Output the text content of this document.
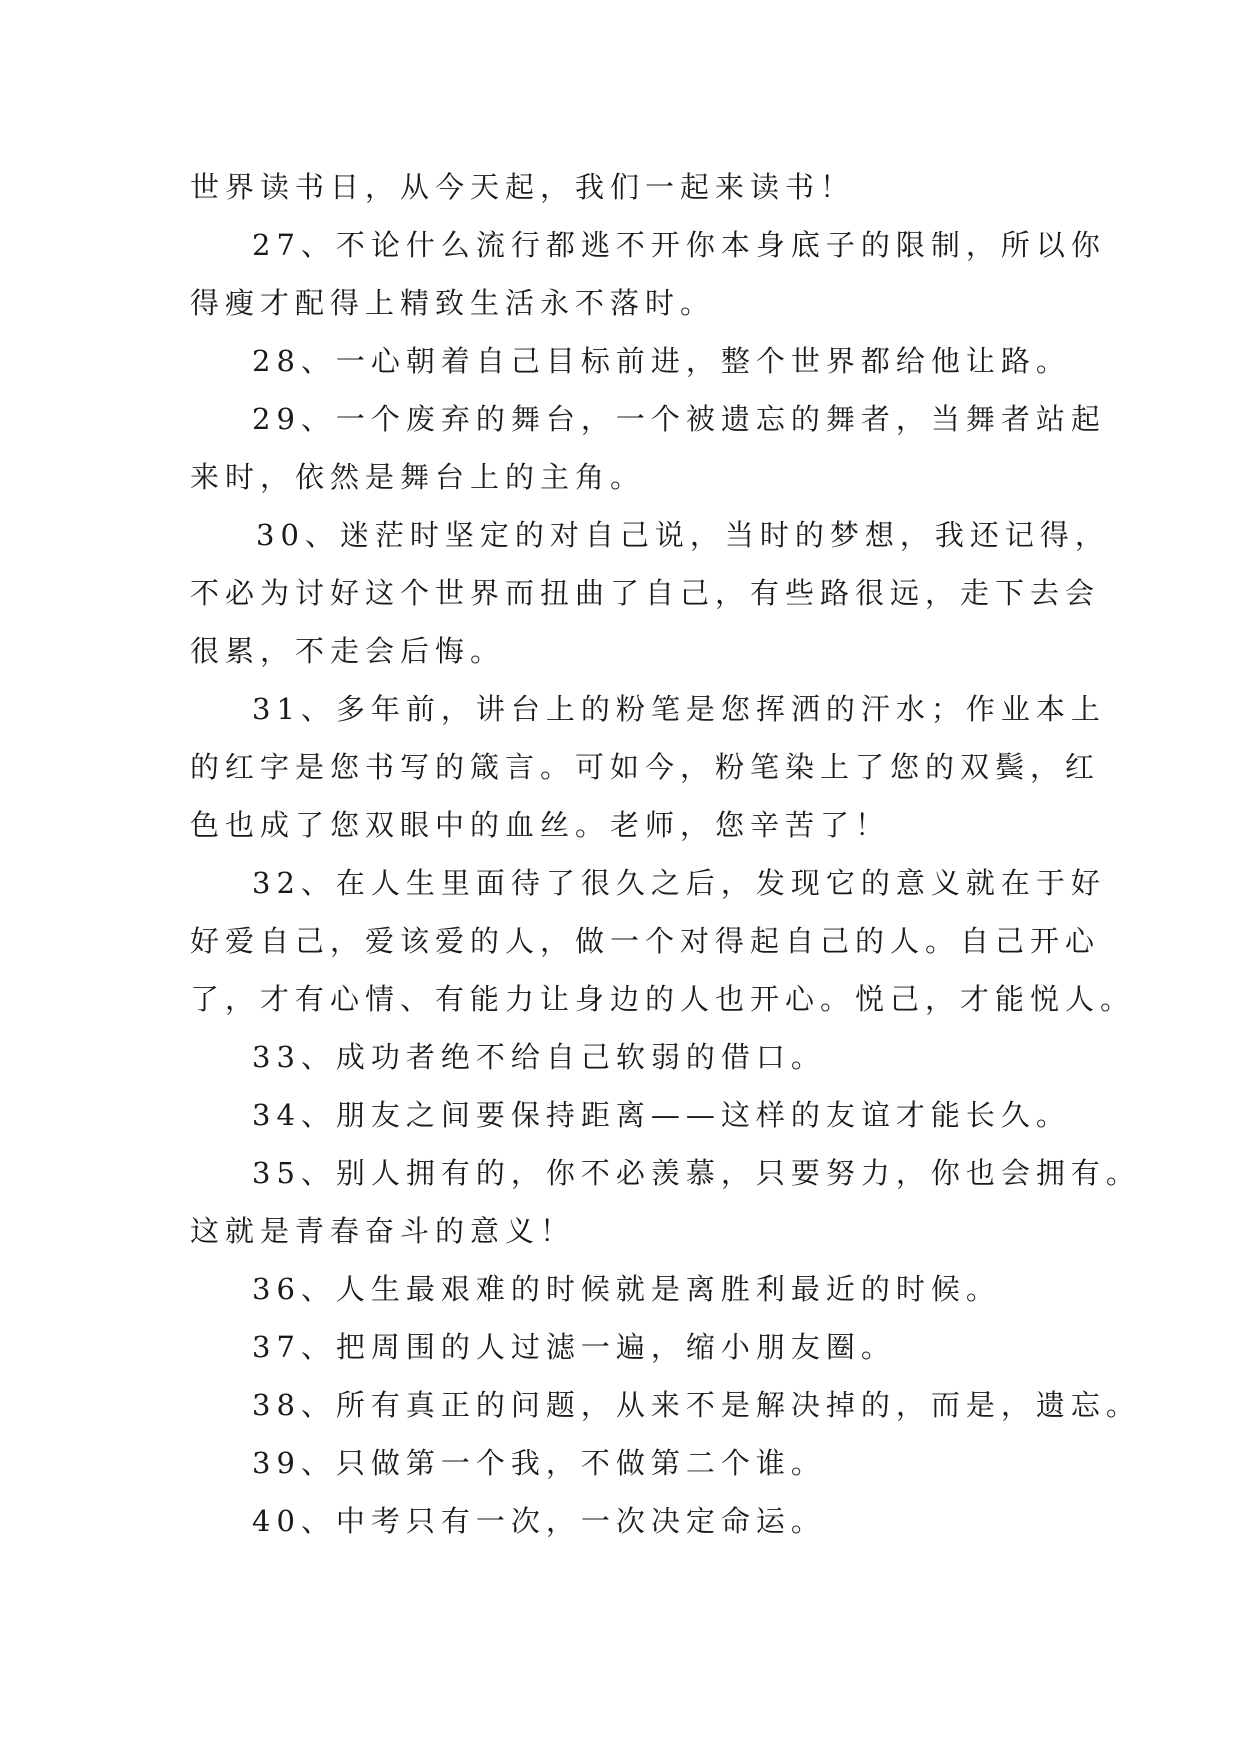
世界读书日，从今天起，我们一起来读书！
27、不论什么流行都逃不开你本身底子的限制，所以你
得瘦才配得上精致生活永不落时。
28、一心朝着自己目标前进，整个世界都给他让路。
29、一个废弃的舞台，一个被遗忘的舞者，当舞者站起
来时，依然是舞台上的主角。
30、迷茫时坚定的对自己说，当时的梦想，我还记得，
不必为讨好这个世界而扭曲了自己，有些路很远，走下去会
很累，不走会后悔。
31、多年前，讲台上的粉笔是您挥洒的汗水；作业本上
的红字是您书写的箴言。可如今，粉笔染上了您的双鬓，红
色也成了您双眼中的血丝。老师，您辛苦了！
32、在人生里面待了很久之后，发现它的意义就在于好
好爱自己，爱该爱的人，做一个对得起自己的人。自己开心
了，才有心情、有能力让身边的人也开心。悦己，才能悦人。
33、成功者绝不给自己软弱的借口。
34、朋友之间要保持距离——这样的友谊才能长久。
35、别人拥有的，你不必羡慕，只要努力，你也会拥有。
这就是青春奋斗的意义！
36、人生最艰难的时候就是离胜利最近的时候。
37、把周围的人过滤一遍，缩小朋友圈。
38、所有真正的问题，从来不是解决掉的，而是，遗忘。
39、只做第一个我，不做第二个谁。
40、中考只有一次，一次决定命运。
